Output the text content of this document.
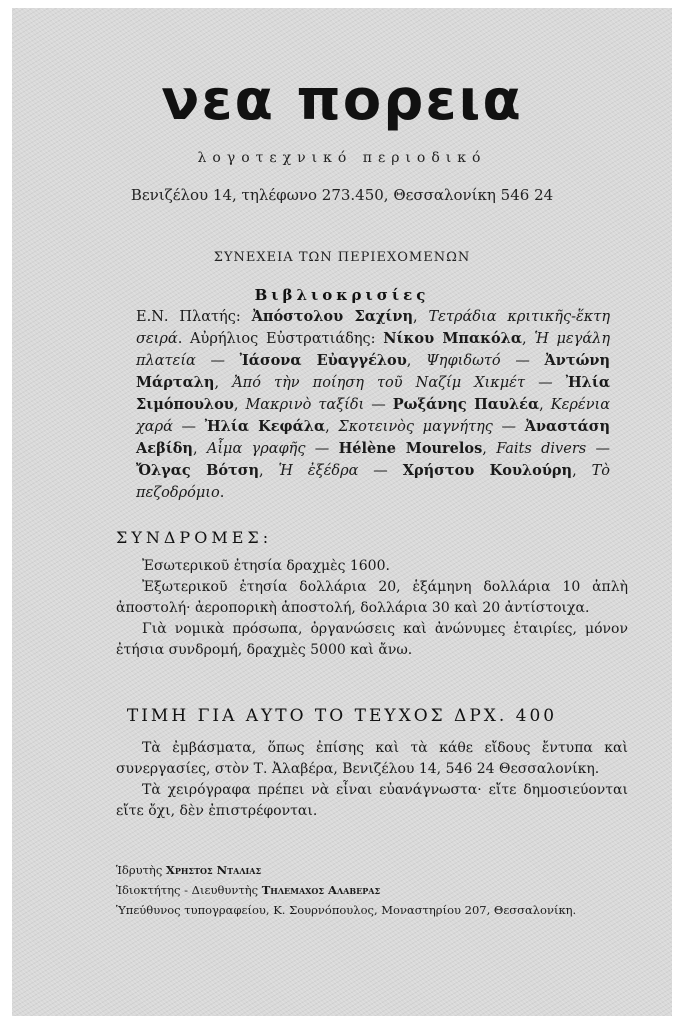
νεα πορεια
λογοτεχνικό περιοδικό
Βενιζέλου 14, τηλέφωνο 273.450, Θεσσαλονίκη 546 24
ΣΥΝΕΧΕΙΑ ΤΩΝ ΠΕΡΙΕΧΟΜΕΝΩΝ
Βιβλιοκρισίες
Ε.Ν. Πλατής: Ἀπόστολου Σαχίνη, Τετράδια κριτικῆς-ἕκτη σειρά. Αὐρήλιος Εὐστρατιάδης: Νίκου Μπακόλα, Ἡ μεγάλη πλατεία — Ἰάσονα Εὐαγγέλου, Ψηφιδωτό — Ἀντώνη Μάρταλη, Ἀπό τὴν ποίηση τοῦ Ναζίμ Χικμέτ — Ἠλία Σιμόπουλου, Μακρινὸ ταξίδι — Ρωξάνης Παυλέα, Κερένια χαρά — Ἠλία Κεφάλα, Σκοτεινὸς μαγνήτης — Ἀναστάση Αεβίδη, Αἷμα γραφῆς — Hélène Mourelos, Faits divers — Ὄλγας Βότση, Ἡ ἐξέδρα — Χρήστου Κουλούρη, Τὸ πεζοδρόμιο.
ΣΥΝΔΡΟΜΕΣ:

Ἐσωτερικοῦ ἐτησία δραχμὲς 1600.

Ἐξωτερικοῦ ἐτησία δολλάρια 20, ἑξάμηνη δολλάρια 10 ἁπλὴ ἀποστολή· ἀεροπορικὴ ἀποστολή, δολλάρια 30 καὶ 20 ἀντίστοιχα.

Γιὰ νομικὰ πρόσωπα, ὀργανώσεις καὶ ἀνώνυμες ἑταιρίες, μόνον ἐτήσια συνδρομή, δραχμὲς 5000 καὶ ἄνω.

ΤΙΜΗ ΓΙΑ ΑΥΤΟ ΤΟ ΤΕΥΧΟΣ ΔΡΧ. 400

Τὰ ἐμβάσματα, ὅπως ἐπίσης καὶ τὰ κάθε εἴδους ἔντυπα καὶ συνεργασίες, στὸν Τ. Ἀλαβέρα, Βενιζέλου 14, 546 24 Θεσσαλονίκη.

Τὰ χειρόγραφα πρέπει νὰ εἶναι εὐανάγνωστα· εἴτε δημοσιεύονται εἴτε ὄχι, δὲν ἐπιστρέφονται.

Ἱδρυτὴς Χρηστος Νταλιας
Ἰδιοκτήτης - Διευθυντὴς Τηλεμαχος Αλαβερας
Ὑπεύθυνος τυπογραφείου, Κ. Σουρνόπουλος, Μοναστηρίου 207, Θεσσαλονίκη.
